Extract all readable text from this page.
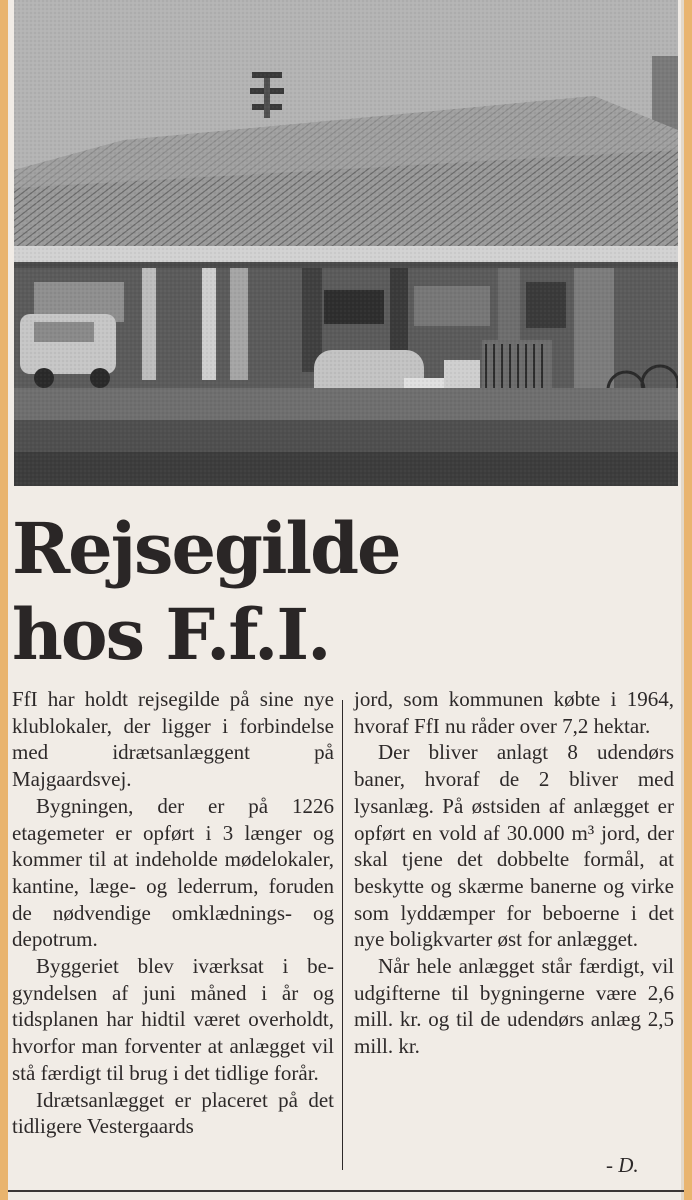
Rejsegilde
hos F.f.I.

FfI har holdt rejsegilde på sine nye klublokaler, der ligger i forbindelse med idrætsanlæggent på Majgaardsvej.

Bygningen, der er på 1226 etagemeter er opført i 3 længer og kommer til at indeholde mødelokaler, kantine, læge- og lederrum, foruden de nødvendige omklædnings- og depotrum.

Byggeriet blev iværksat i begyndelsen af juni måned i år og tidsplanen har hidtil været overholdt, hvorfor man forventer at anlægget vil stå færdigt til brug i det tidlige forår.

Idrætsanlægget er placeret på det tidligere Vestergaards

jord, som kommunen købte i 1964, hvoraf FfI nu råder over 7,2 hektar.

Der bliver anlagt 8 udendørs baner, hvoraf de 2 bliver med lysanlæg. På østsiden af anlægget er opført en vold af 30.000 m³ jord, der skal tjene det dobbelte formål, at beskytte og skærme banerne og virke som lyddæmper for beboerne i det nye boligkvarter øst for anlægget.

Når hele anlægget står færdigt, vil udgifterne til bygningerne være 2,6 mill. kr. og til de udendørs anlæg 2,5 mill. kr.

- D.
